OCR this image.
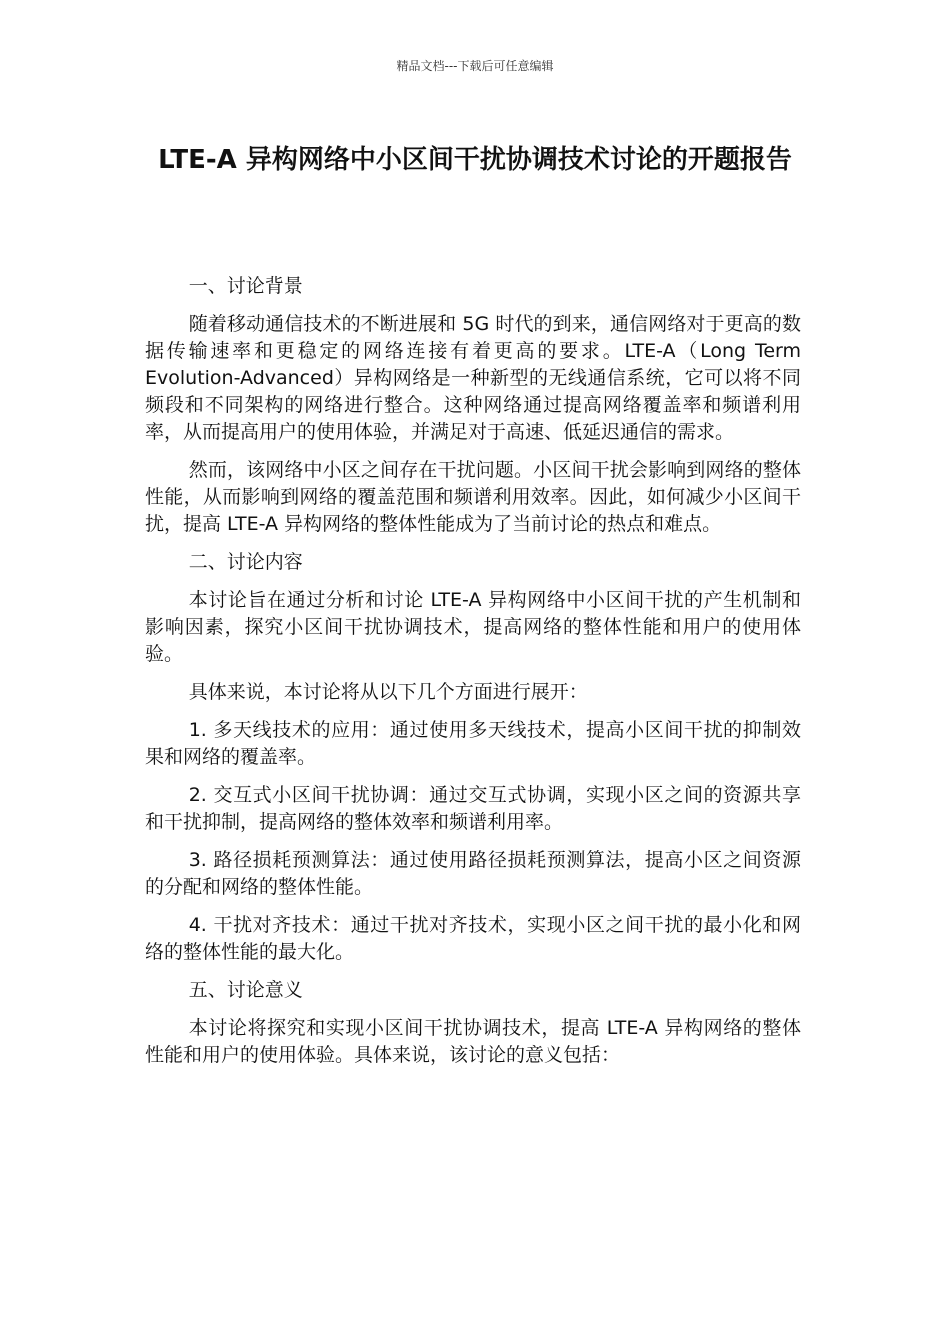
精品文档---下载后可任意编辑
LTE-A 异构网络中小区间干扰协调技术讨论的开题报告

一、讨论背景

随着移动通信技术的不断进展和 5G 时代的到来，通信网络对于更高的数据传输速率和更稳定的网络连接有着更高的要求。LTE-A（Long Term Evolution-Advanced）异构网络是一种新型的无线通信系统，它可以将不同频段和不同架构的网络进行整合。这种网络通过提高网络覆盖率和频谱利用率，从而提高用户的使用体验，并满足对于高速、低延迟通信的需求。

然而，该网络中小区之间存在干扰问题。小区间干扰会影响到网络的整体性能，从而影响到网络的覆盖范围和频谱利用效率。因此，如何减少小区间干扰，提高 LTE-A 异构网络的整体性能成为了当前讨论的热点和难点。

二、讨论内容

本讨论旨在通过分析和讨论 LTE-A 异构网络中小区间干扰的产生机制和影响因素，探究小区间干扰协调技术，提高网络的整体性能和用户的使用体验。

具体来说，本讨论将从以下几个方面进行展开：

1. 多天线技术的应用：通过使用多天线技术，提高小区间干扰的抑制效果和网络的覆盖率。

2. 交互式小区间干扰协调：通过交互式协调，实现小区之间的资源共享和干扰抑制，提高网络的整体效率和频谱利用率。

3. 路径损耗预测算法：通过使用路径损耗预测算法，提高小区之间资源的分配和网络的整体性能。

4. 干扰对齐技术：通过干扰对齐技术，实现小区之间干扰的最小化和网络的整体性能的最大化。

五、讨论意义

本讨论将探究和实现小区间干扰协调技术，提高 LTE-A 异构网络的整体性能和用户的使用体验。具体来说，该讨论的意义包括：
